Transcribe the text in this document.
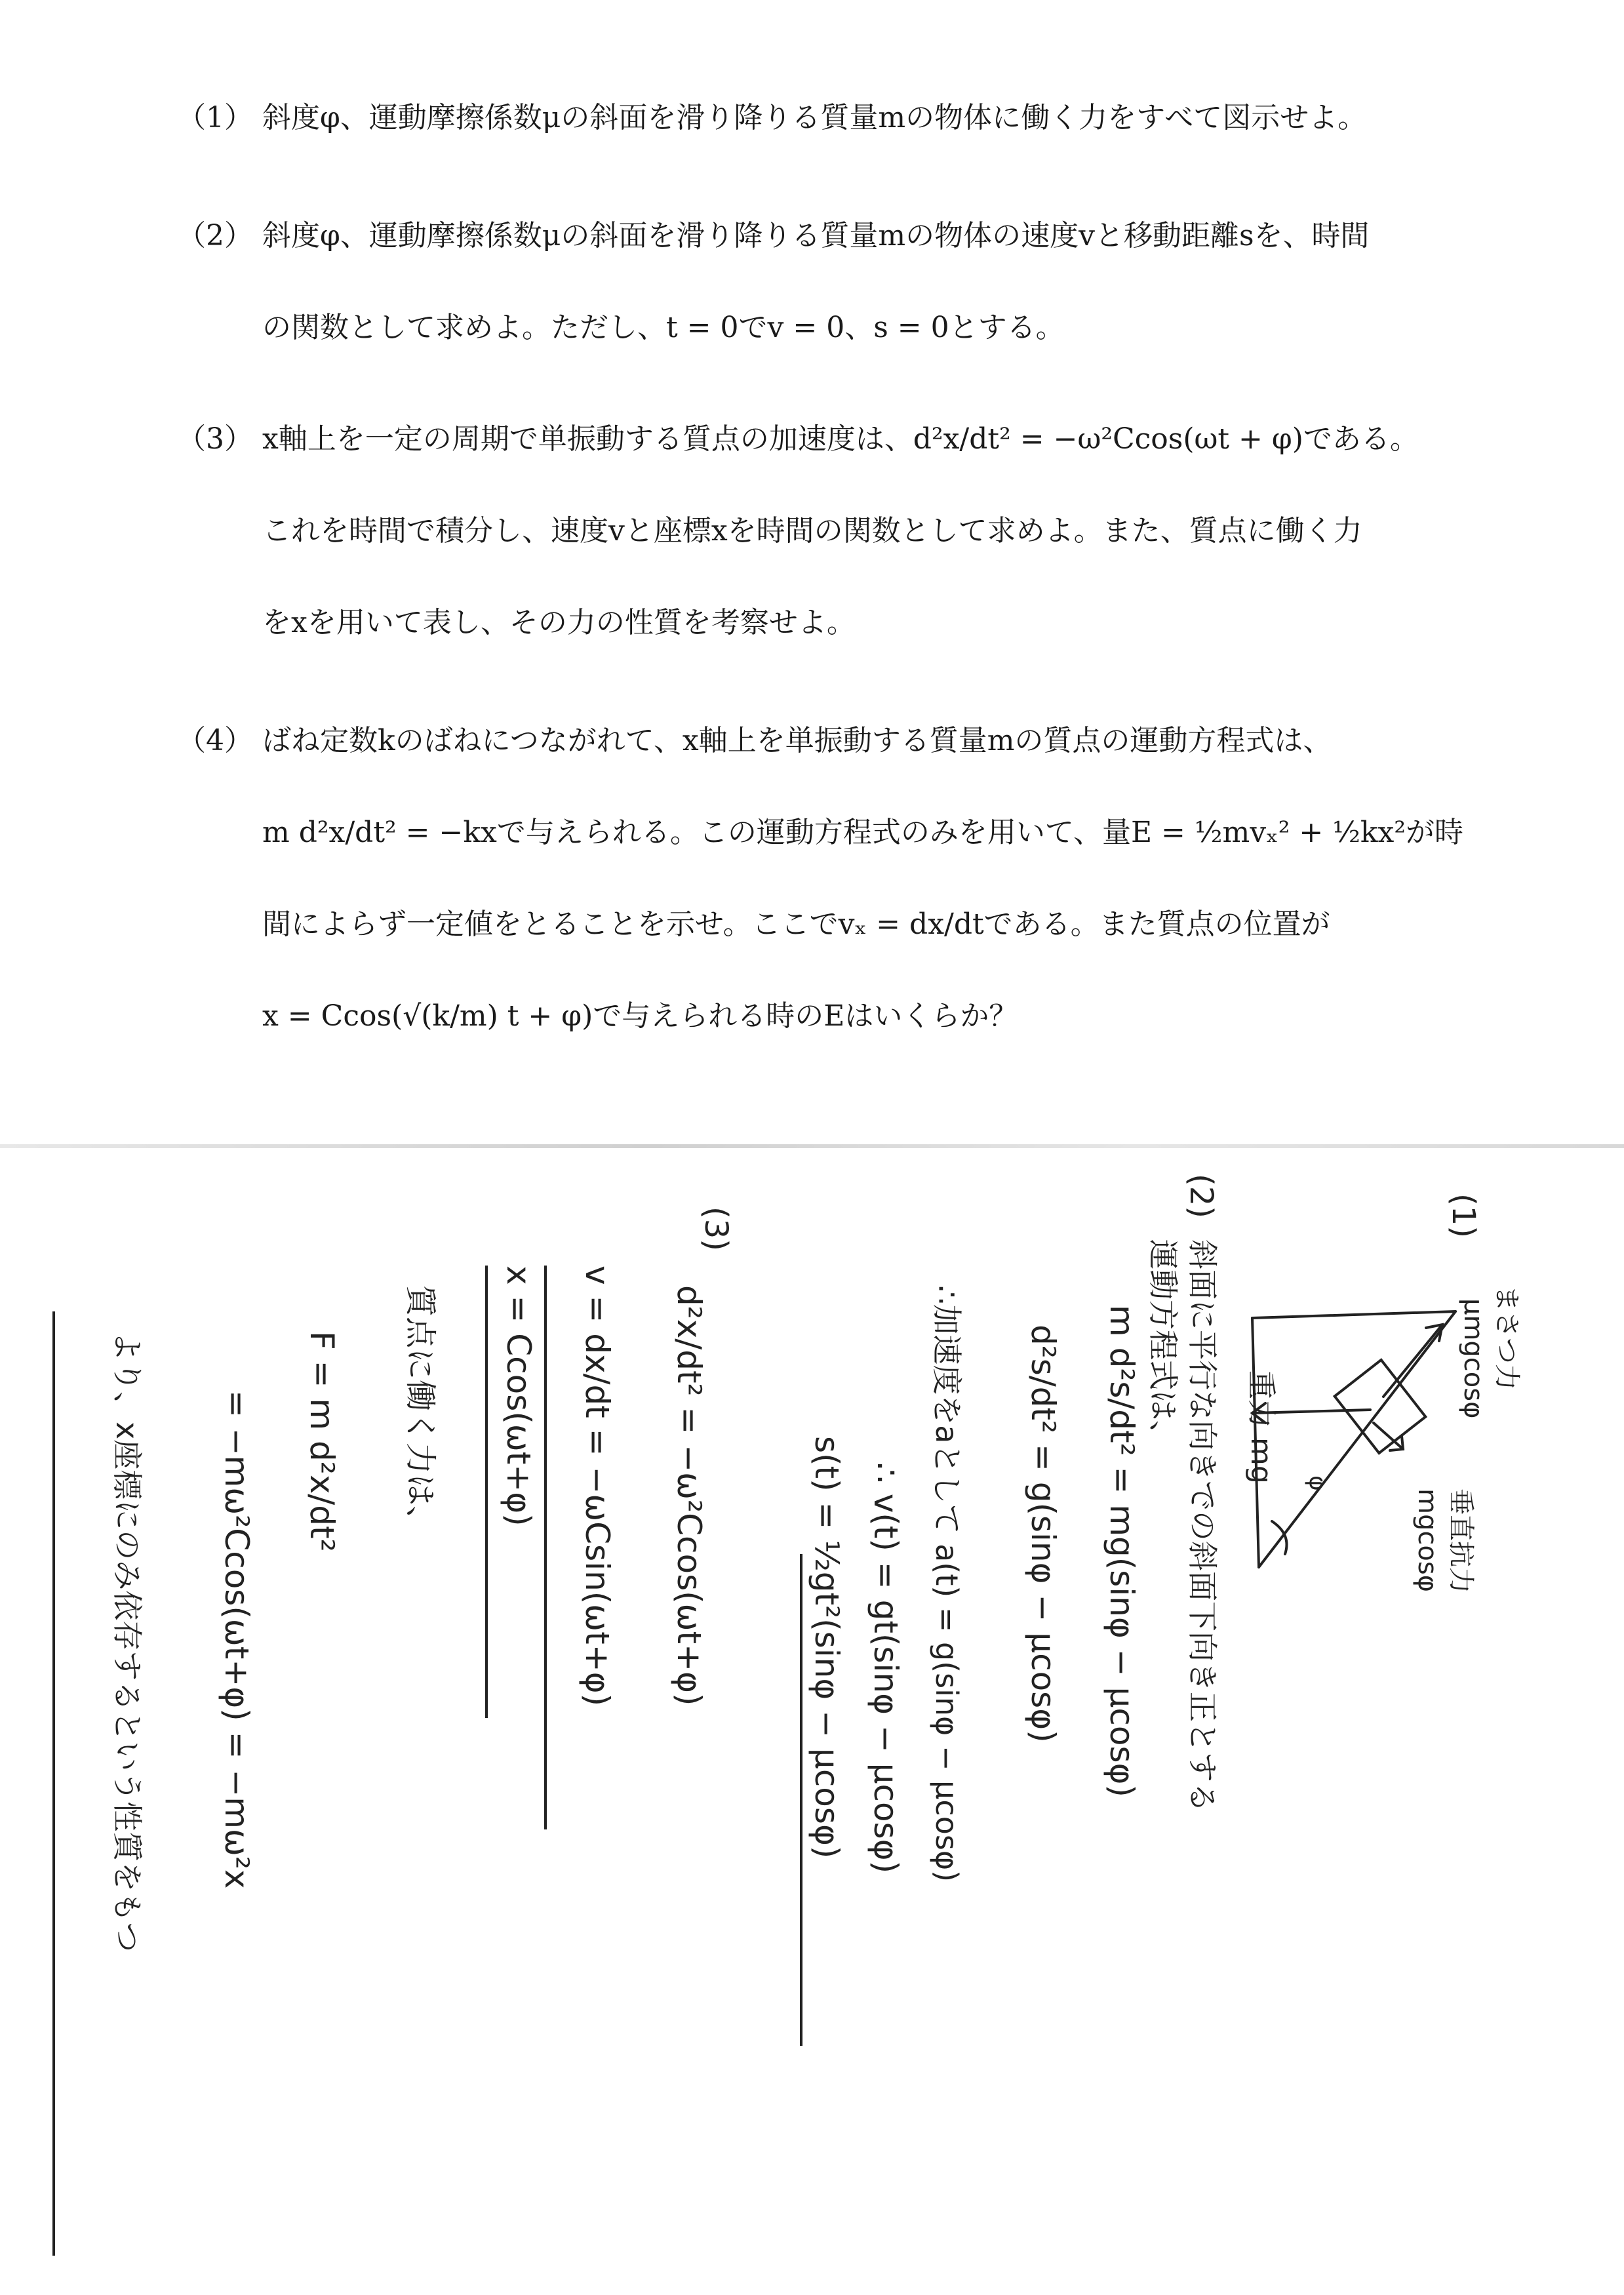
（1） 斜度φ、運動摩擦係数μの斜面を滑り降りる質量mの物体に働く力をすべて図示せよ。

（2） 斜度φ、運動摩擦係数μの斜面を滑り降りる質量mの物体の速度vと移動距離sを、時間

の関数として求めよ。ただし、t = 0でv = 0、s = 0とする。

（3） x軸上を一定の周期で単振動する質点の加速度は、d²x/dt² = −ω²Ccos(ωt + φ)である。

これを時間で積分し、速度vと座標xを時間の関数として求めよ。また、質点に働く力

をxを用いて表し、その力の性質を考察せよ。

（4） ばね定数kのばねにつながれて、x軸上を単振動する質量mの質点の運動方程式は、

m d²x/dt² = −kxで与えられる。この運動方程式のみを用いて、量E = ½mvₓ² + ½kx²が時

間によらず一定値をとることを示せ。ここでvₓ = dx/dtである。また質点の位置が

x = Ccos(√(k/m) t + φ)で与えられる時のEはいくらか？

(1)
まさつ力
μmgcosφ
重力 mg
垂直抗力
mgcosφ
φ
(2)
斜面に平行な向きでの斜面下向き正とする
運動方程式は、
m d²s/dt² = mg(sinφ − μcosφ)
d²s/dt² = g(sinφ − μcosφ)
∴加速度をaとして a(t) = g(sinφ − μcosφ)
∴ v(t) = gt(sinφ − μcosφ)
s(t) = ½gt²(sinφ − μcosφ)
(3)
d²x/dt² = −ω²Ccos(ωt+φ)
v = dx/dt = −ωCsin(ωt+φ)
x = Ccos(ωt+φ)
質点に働く力は、
F = m d²x/dt²
= −mω²Ccos(ωt+φ) = −mω²x
より、x座標にのみ依存するという性質をもつ
